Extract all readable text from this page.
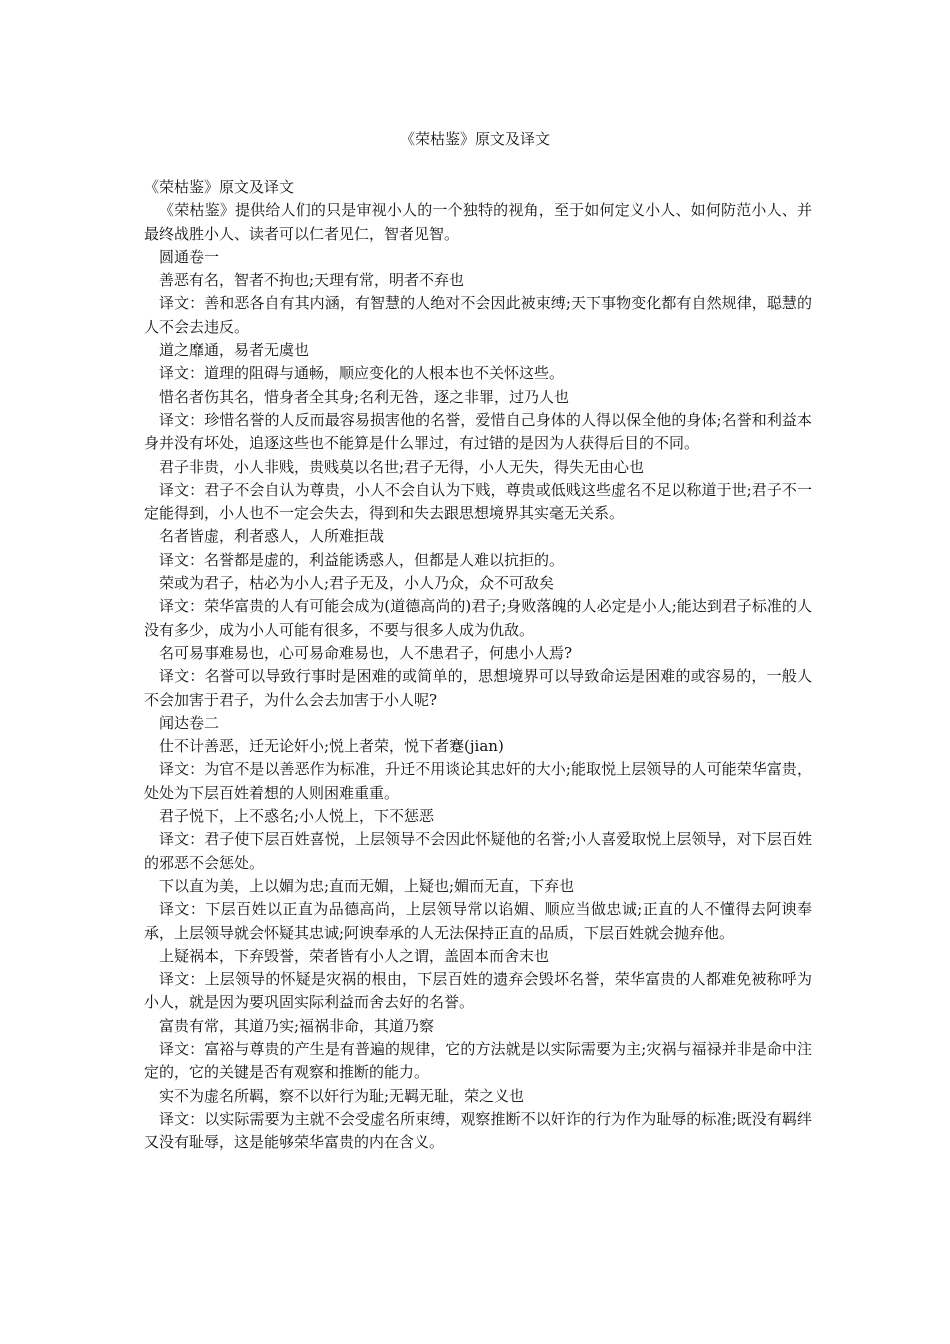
《荣枯鉴》原文及译文

《荣枯鉴》原文及译文

《荣枯鉴》提供给人们的只是审视小人的一个独特的视角，至于如何定义小人、如何防范小人、并最终战胜小人、读者可以仁者见仁，智者见智。

圆通卷一

善恶有名，智者不拘也;天理有常，明者不弃也

译文：善和恶各自有其内涵，有智慧的人绝对不会因此被束缚;天下事物变化都有自然规律，聪慧的人不会去违反。

道之靡通，易者无虞也

译文：道理的阻碍与通畅，顺应变化的人根本也不关怀这些。

惜名者伤其名，惜身者全其身;名利无咎，逐之非罪，过乃人也

译文：珍惜名誉的人反而最容易损害他的名誉，爱惜自己身体的人得以保全他的身体;名誉和利益本身并没有坏处，追逐这些也不能算是什么罪过，有过错的是因为人获得后目的不同。

君子非贵，小人非贱，贵贱莫以名世;君子无得，小人无失，得失无由心也

译文：君子不会自认为尊贵，小人不会自认为下贱，尊贵或低贱这些虚名不足以称道于世;君子不一定能得到，小人也不一定会失去，得到和失去跟思想境界其实毫无关系。

名者皆虚，利者惑人，人所难拒哉

译文：名誉都是虚的，利益能诱惑人，但都是人难以抗拒的。

荣或为君子，枯必为小人;君子无及，小人乃众，众不可敌矣

译文：荣华富贵的人有可能会成为(道德高尚的)君子;身败落魄的人必定是小人;能达到君子标准的人没有多少，成为小人可能有很多，不要与很多人成为仇敌。

名可易事难易也，心可易命难易也，人不患君子，何患小人焉?

译文：名誉可以导致行事时是困难的或简单的，思想境界可以导致命运是困难的或容易的，一般人不会加害于君子，为什么会去加害于小人呢?

闻达卷二

仕不计善恶，迁无论奸小;悦上者荣，悦下者蹇(jian)

译文：为官不是以善恶作为标准，升迁不用谈论其忠奸的大小;能取悦上层领导的人可能荣华富贵，处处为下层百姓着想的人则困难重重。

君子悦下，上不惑名;小人悦上，下不惩恶

译文：君子使下层百姓喜悦，上层领导不会因此怀疑他的名誉;小人喜爱取悦上层领导，对下层百姓的邪恶不会惩处。

下以直为美，上以媚为忠;直而无媚，上疑也;媚而无直，下弃也

译文：下层百姓以正直为品德高尚，上层领导常以谄媚、顺应当做忠诚;正直的人不懂得去阿谀奉承，上层领导就会怀疑其忠诚;阿谀奉承的人无法保持正直的品质，下层百姓就会抛弃他。

上疑祸本，下弃毁誉，荣者皆有小人之谓，盖固本而舍末也

译文：上层领导的怀疑是灾祸的根由，下层百姓的遗弃会毁坏名誉，荣华富贵的人都难免被称呼为小人，就是因为要巩固实际利益而舍去好的名誉。

富贵有常，其道乃实;福祸非命，其道乃察

译文：富裕与尊贵的产生是有普遍的规律，它的方法就是以实际需要为主;灾祸与福禄并非是命中注定的，它的关键是否有观察和推断的能力。

实不为虚名所羁，察不以奸行为耻;无羁无耻，荣之义也

译文：以实际需要为主就不会受虚名所束缚，观察推断不以奸诈的行为作为耻辱的标准;既没有羁绊又没有耻辱，这是能够荣华富贵的内在含义。
